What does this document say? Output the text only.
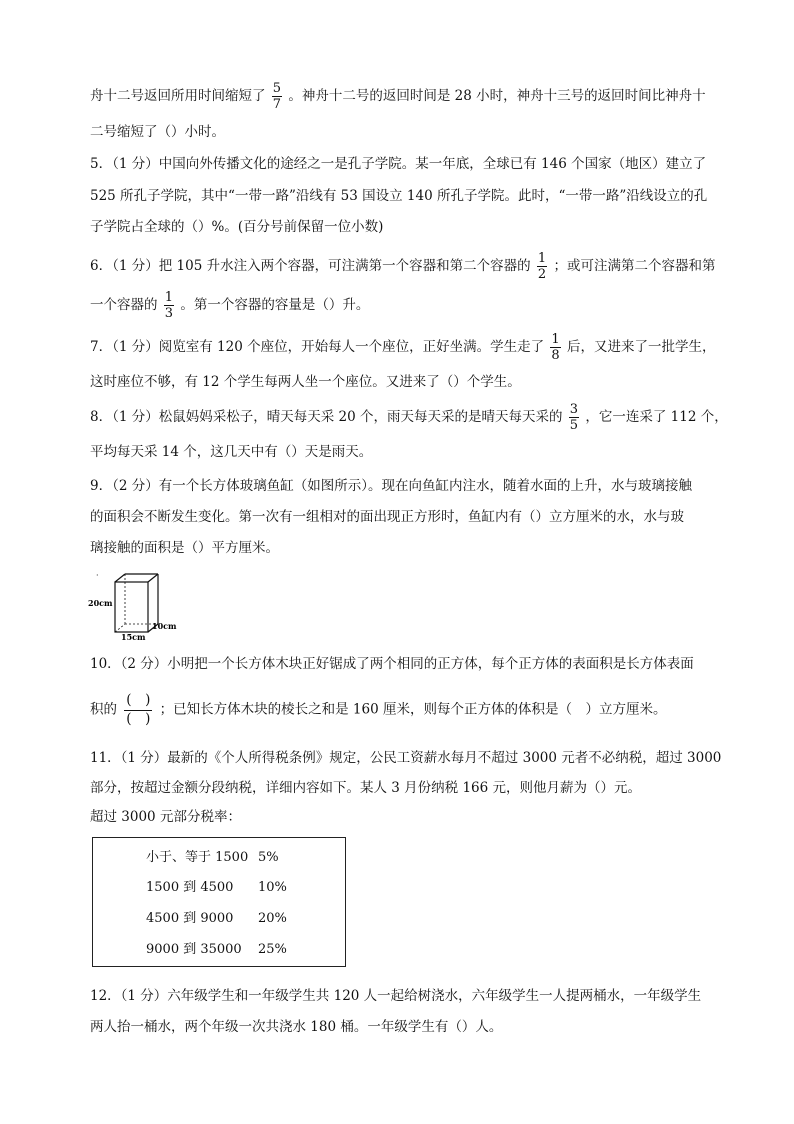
舟十二号返回所用时间缩短了 $\frac{5}{7}$ 。神舟十二号的返回时间是 28 小时，神舟十三号的返回时间比神舟十
二号缩短了（）小时。
5．（1 分）中国向外传播文化的途经之一是孔子学院。某一年底，全球已有 146 个国家（地区）建立了
525 所孔子学院，其中“一带一路”沿线有 53 国设立 140 所孔子学院。此时，“一带一路”沿线设立的孔
子学院占全球的（）%。(百分号前保留一位小数)
6．（1 分）把 105 升水注入两个容器，可注满第一个容器和第二个容器的 $\frac{1}{2}$ ；或可注满第二个容器和第
一个容器的 $\frac{1}{3}$ 。第一个容器的容量是（）升。
7．（1 分）阅览室有 120 个座位，开始每人一个座位，正好坐满。学生走了 $\frac{1}{8}$ 后，又进来了一批学生，
这时座位不够，有 12 个学生每两人坐一个座位。又进来了（）个学生。
8．（1 分）松鼠妈妈采松子，晴天每天采 20 个，雨天每天采的是晴天每天采的 $\frac{3}{5}$ ，它一连采了 112 个，
平均每天采 14 个，这几天中有（）天是雨天。
9．（2 分）有一个长方体玻璃鱼缸（如图所示）。现在向鱼缸内注水，随着水面的上升，水与玻璃接触
的面积会不断发生变化。第一次有一组相对的面出现正方形时，鱼缸内有（）立方厘米的水，水与玻
璃接触的面积是（）平方厘米。
·
20cm
15cm
10cm
10．（2 分）小明把一个长方体木块正好锯成了两个相同的正方体，每个正方体的表面积是长方体表面
积的 $\frac{( )}{( )}$ ；已知长方体木块的棱长之和是 160 厘米，则每个正方体的体积是（　）立方厘米。
11．（1 分）最新的《个人所得税条例》规定，公民工资薪水每月不超过 3000 元者不必纳税，超过 3000
部分，按超过金额分段纳税，详细内容如下。某人 3 月份纳税 166 元，则他月薪为（）元。
超过 3000 元部分税率：
小于、等于 1500 5%
1500 到 4500 10%
4500 到 9000 20%
9000 到 35000 25%
12．（1 分）六年级学生和一年级学生共 120 人一起给树浇水，六年级学生一人提两桶水，一年级学生
两人抬一桶水，两个年级一次共浇水 180 桶。一年级学生有（）人。
